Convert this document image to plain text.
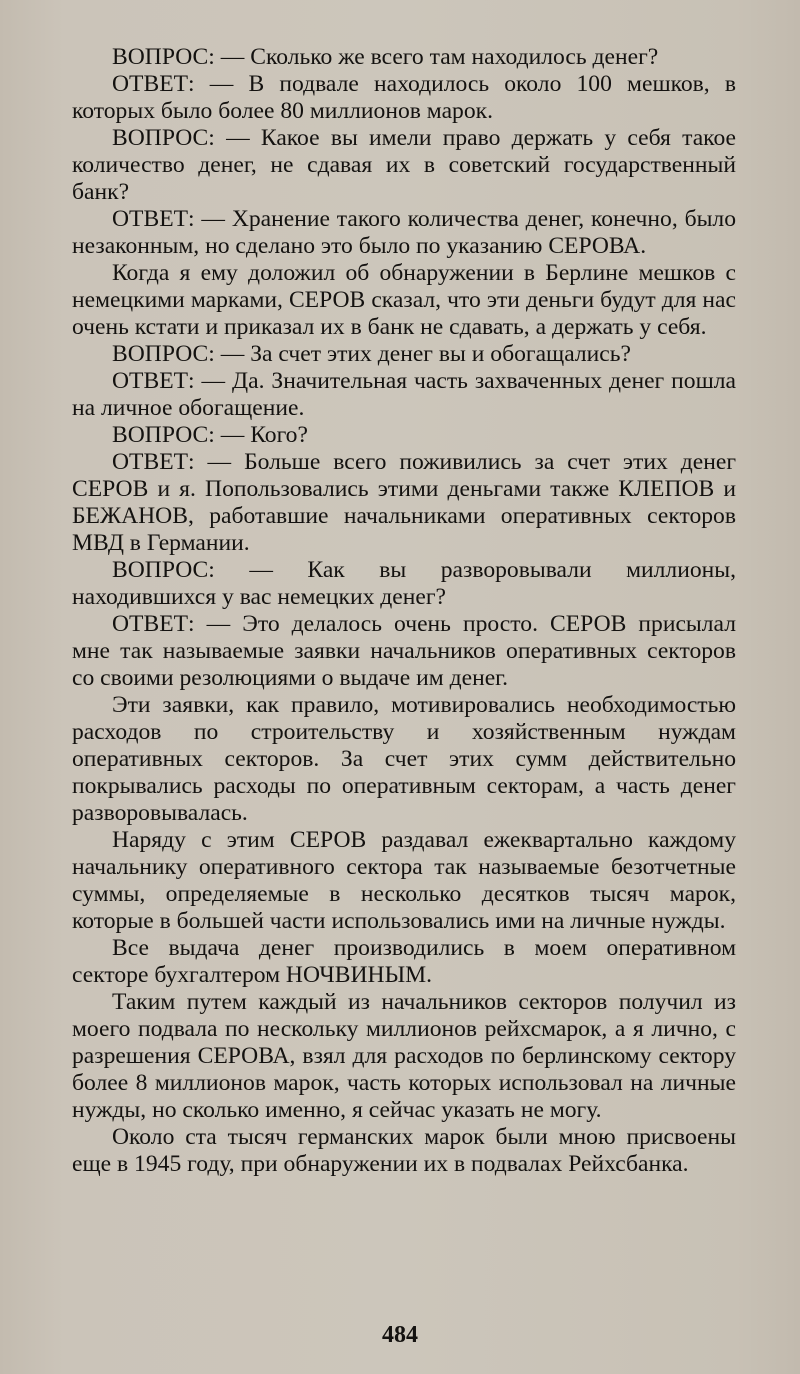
ВОПРОС: — Сколько же всего там находилось денег?

ОТВЕТ: — В подвале находилось около 100 мешков, в которых было более 80 миллионов марок.

ВОПРОС: — Какое вы имели право держать у себя такое количество денег, не сдавая их в советский государственный банк?

ОТВЕТ: — Хранение такого количества денег, конечно, было незаконным, но сделано это было по указанию СЕРОВА.

Когда я ему доложил об обнаружении в Берлине мешков с немецкими марками, СЕРОВ сказал, что эти деньги будут для нас очень кстати и приказал их в банк не сдавать, а держать у себя.

ВОПРОС: — За счет этих денег вы и обогащались?

ОТВЕТ: — Да. Значительная часть захваченных денег пошла на личное обогащение.

ВОПРОС: — Кого?

ОТВЕТ: — Больше всего поживились за счет этих денег СЕРОВ и я. Попользовались этими деньгами также КЛЕПОВ и БЕЖАНОВ, работавшие начальниками оперативных секторов МВД в Германии.

ВОПРОС: — Как вы разворовывали миллионы, находившихся у вас немецких денег?

ОТВЕТ: — Это делалось очень просто. СЕРОВ присылал мне так называемые заявки начальников оперативных секторов со своими резолюциями о выдаче им денег.

Эти заявки, как правило, мотивировались необходимостью расходов по строительству и хозяйственным нуждам оперативных секторов. За счет этих сумм действительно покрывались расходы по оперативным секторам, а часть денег разворовывалась.

Наряду с этим СЕРОВ раздавал ежеквартально каждому начальнику оперативного сектора так называемые безотчетные суммы, определяемые в несколько десятков тысяч марок, которые в большей части использовались ими на личные нужды.

Все выдача денег производились в моем оперативном секторе бухгалтером НОЧВИНЫМ.

Таким путем каждый из начальников секторов получил из моего подвала по нескольку миллионов рейхсмарок, а я лично, с разрешения СЕРОВА, взял для расходов по берлинскому сектору более 8 миллионов марок, часть которых использовал на личные нужды, но сколько именно, я сейчас указать не могу.

Около ста тысяч германских марок были мною присвоены еще в 1945 году, при обнаружении их в подвалах Рейхсбанка.

484
